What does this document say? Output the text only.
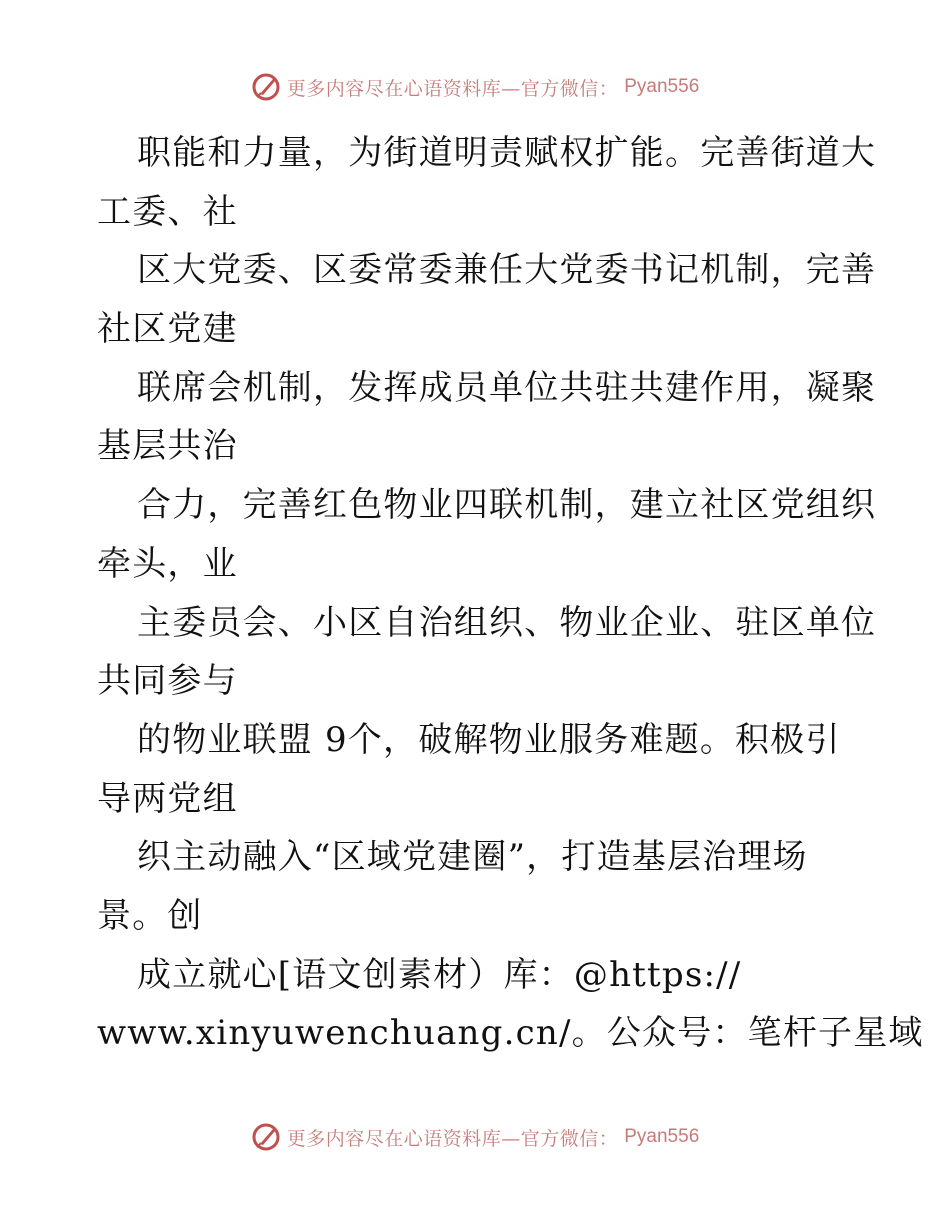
更多内容尽在心语资料库—官方微信： Pyan556
职能和力量，为街道明责赋权扩能。完善街道大
工委、社
区大党委、区委常委兼任大党委书记机制，完善
社区党建
联席会机制，发挥成员单位共驻共建作用，凝聚
基层共治
合力，完善红色物业四联机制，建立社区党组织
牵头，业
主委员会、小区自治组织、物业企业、驻区单位
共同参与
的物业联盟 9个，破解物业服务难题。积极引
导两党组
织主动融入“区域党建圈”，打造基层治理场
景。创
成立就心[语文创素材）库：@https://
www.xinyuwenchuang.cn/。公众号：笔杆子星域
更多内容尽在心语资料库—官方微信： Pyan556
